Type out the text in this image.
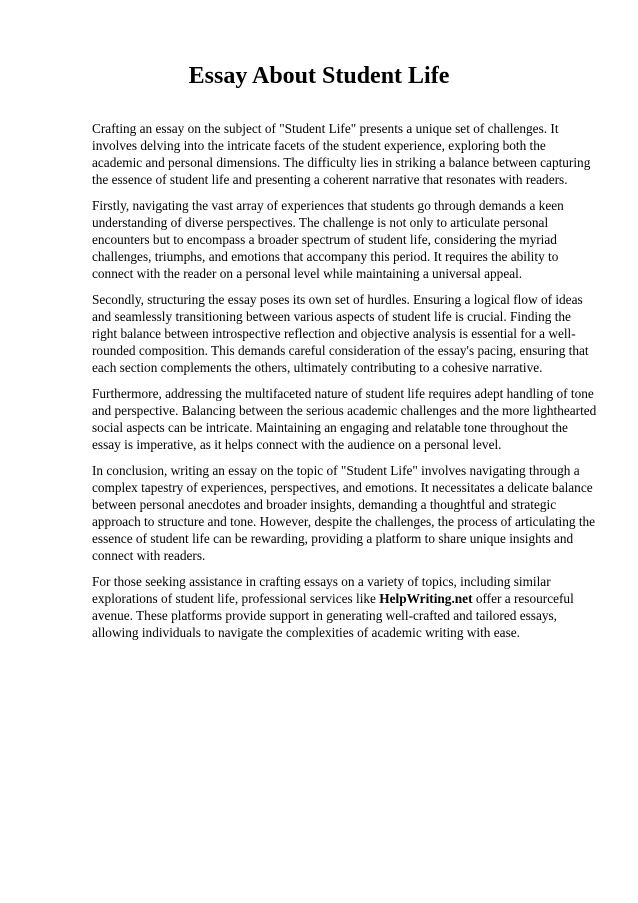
Essay About Student Life

Crafting an essay on the subject of "Student Life" presents a unique set of challenges. It involves delving into the intricate facets of the student experience, exploring both the academic and personal dimensions. The difficulty lies in striking a balance between capturing the essence of student life and presenting a coherent narrative that resonates with readers.

Firstly, navigating the vast array of experiences that students go through demands a keen understanding of diverse perspectives. The challenge is not only to articulate personal encounters but to encompass a broader spectrum of student life, considering the myriad challenges, triumphs, and emotions that accompany this period. It requires the ability to connect with the reader on a personal level while maintaining a universal appeal.

Secondly, structuring the essay poses its own set of hurdles. Ensuring a logical flow of ideas and seamlessly transitioning between various aspects of student life is crucial. Finding the right balance between introspective reflection and objective analysis is essential for a well-rounded composition. This demands careful consideration of the essay's pacing, ensuring that each section complements the others, ultimately contributing to a cohesive narrative.

Furthermore, addressing the multifaceted nature of student life requires adept handling of tone and perspective. Balancing between the serious academic challenges and the more lighthearted social aspects can be intricate. Maintaining an engaging and relatable tone throughout the essay is imperative, as it helps connect with the audience on a personal level.

In conclusion, writing an essay on the topic of "Student Life" involves navigating through a complex tapestry of experiences, perspectives, and emotions. It necessitates a delicate balance between personal anecdotes and broader insights, demanding a thoughtful and strategic approach to structure and tone. However, despite the challenges, the process of articulating the essence of student life can be rewarding, providing a platform to share unique insights and connect with readers.

For those seeking assistance in crafting essays on a variety of topics, including similar explorations of student life, professional services like HelpWriting.net offer a resourceful avenue. These platforms provide support in generating well-crafted and tailored essays, allowing individuals to navigate the complexities of academic writing with ease.
